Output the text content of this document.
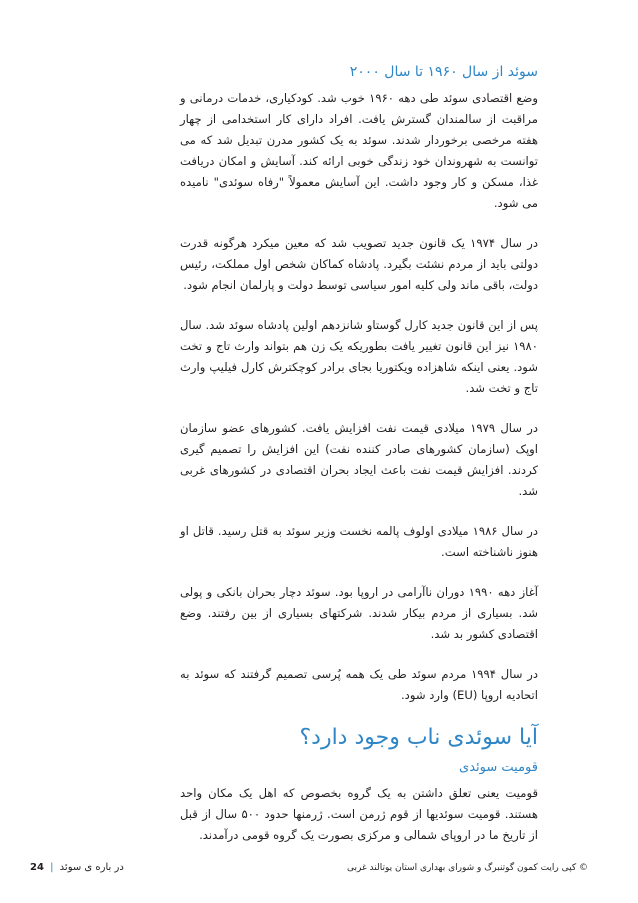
سوئد از سال ۱۹۶۰ تا سال ۲۰۰۰

وضع اقتصادی سوئد طی دهه ۱۹۶۰ خوب شد. کودکیاری، خدمات درمانی و مراقبت از سالمندان گسترش یافت. افراد دارای کار استخدامی از چهار هفته مرخصی برخوردار شدند. سوئد به یک کشور مدرن تبدیل شد که می توانست به شهروندان خود زندگی خوبی ارائه کند. آسایش و امکان دریافت غذا، مسکن و کار وجود داشت. این آسایش معمولاً "رفاه سوئدی" نامیده می شود.

در سال ۱۹۷۴ یک قانون جدید تصویب شد که معین میکرد هرگونه قدرت دولتی باید از مردم نشئت بگیرد. پادشاه کماکان شخص اول مملکت، رئیس دولت، باقی ماند ولی کلیه امور سیاسی توسط دولت و پارلمان انجام شود.

پس از این قانون جدید کارل گوستاو شانزدهم اولین پادشاه سوئد شد. سال ۱۹۸۰ نیز این قانون تغییر یافت بطوریکه یک زن هم بتواند وارث تاج و تخت شود. یعنی اینکه شاهزاده ویکتوریا بجای برادر کوچکترش کارل فیلیپ وارث تاج و تخت شد.

در سال ۱۹۷۹ میلادی قیمت نفت افزایش یافت. کشورهای عضو سازمان اوپک (سازمان کشورهای صادر کننده نفت) این افزایش را تصمیم گیری کردند. افزایش قیمت نفت باعث ایجاد بحران اقتصادی در کشورهای غربی شد.

در سال ۱۹۸۶ میلادی اولوف پالمه نخست وزیر سوئد به قتل رسید. قاتل او هنوز ناشناخته است.

آغاز دهه ۱۹۹۰ دوران ناآرامی در اروپا بود. سوئد دچار بحران بانکی و پولی شد. بسیاری از مردم بیکار شدند. شرکتهای بسیاری از بین رفتند. وضع اقتصادی کشور بد شد.

در سال ۱۹۹۴ مردم سوئد طی یک همه پُرسی تصمیم گرفتند که سوئد به اتحادیه اروپا (EU) وارد شود.

آیا سوئدی ناب وجود دارد؟
قومیت سوئدی

قومیت یعنی تعلق داشتن به یک گروه بخصوص که اهل یک مکان واحد هستند. قومیت سوئدیها از قوم ژرمن است. ژرمنها حدود ۵۰۰ سال از قبل از تاریخ ما در اروپای شمالی و مرکزی بصورت یک گروه قومی درآمدند.

در باره ی سوئد | 24	© کپی رایت کمون گوتنبرگ و شورای بهداری استان یوتالند غربی
